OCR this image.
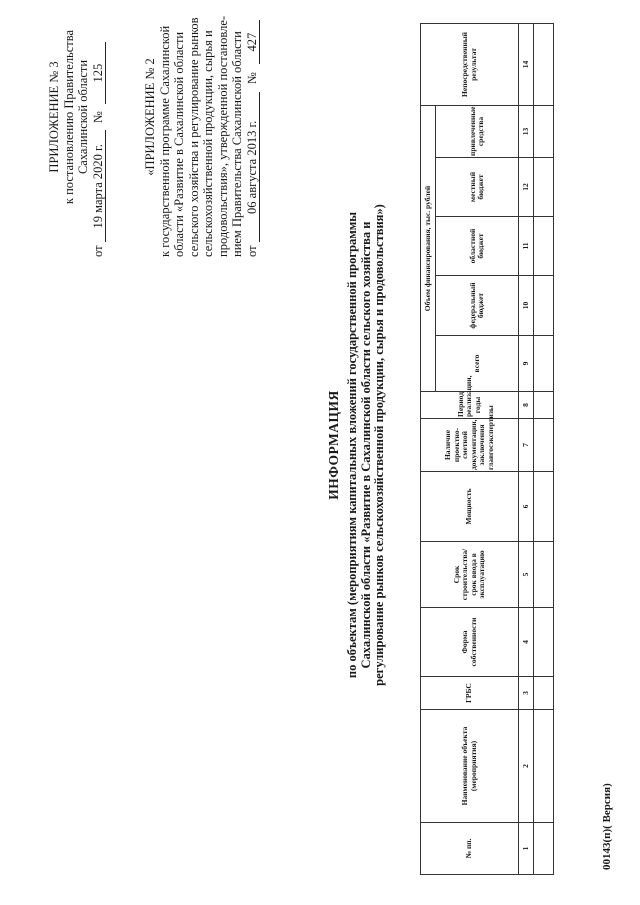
ПРИЛОЖЕНИЕ № 3 к постановлению Правительства Сахалинской области
от 19 марта 2020 г. № 125	«ПРИЛОЖЕНИЕ № 2 к государственной программе Сахалинской области «Развитие в Сахалинской области сельского хозяйства и регулирование рынков сельскохозяйственной продукции, сырья и продовольствия», утвержденной постановле- нием Правительства Сахалинской области от 06 августа 2013 г. № 427
ИНФОРМАЦИЯ по объектам (мероприятиям капитальных вложений государственной программы Сахалинской области «Развитие в Сахалинской области сельского хозяйства и регулирование рынков сельскохозяйственной продукции, сырья и продовольствия»)
№ пп.	Наименование объекта (мероприятия)	ГРБС	Форма собственности	Срок строительства/ срок ввода в эксплуатацию	Мощность	Наличие проектно-сметной документации, заключения главгосэкспертизы	Период реализации, годы	Объем финансирования, тыс. рублей					Непосредственный результат
								всего	федеральный бюджет	областной бюджет	местный бюджет	привлеченные средства	
1	2	3	4	5	6	7	8	9	10	11	12	13	14

00143(п)( Версия)
